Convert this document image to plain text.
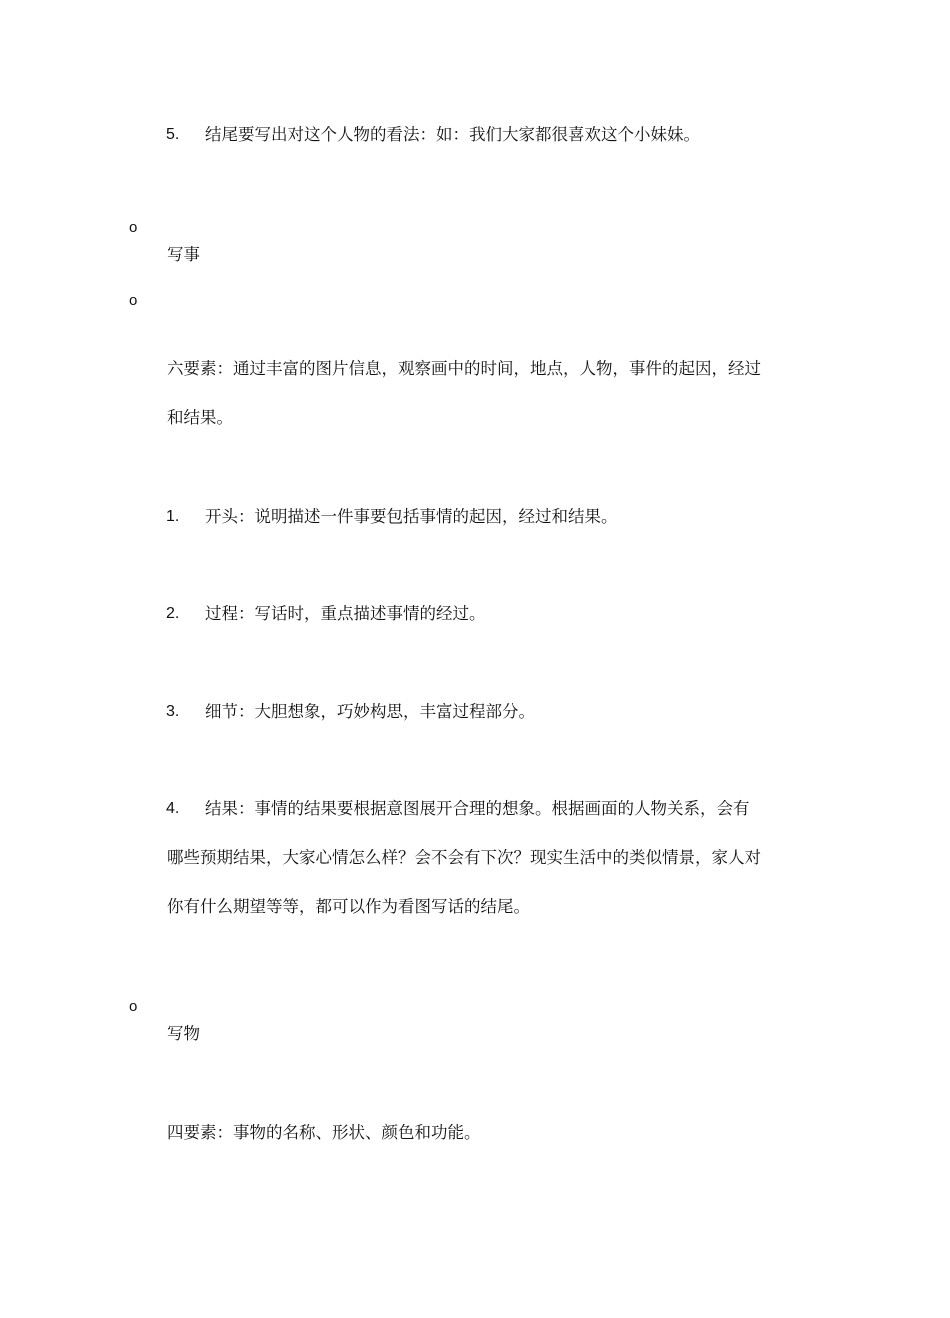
5. 结尾要写出对这个人物的看法：如：我们大家都很喜欢这个小妹妹。
o
写事
o
六要素：通过丰富的图片信息，观察画中的时间，地点，人物，事件的起因，经过
和结果。
1. 开头：说明描述一件事要包括事情的起因，经过和结果。
2. 过程：写话时，重点描述事情的经过。
3. 细节：大胆想象，巧妙构思，丰富过程部分。
4. 结果：事情的结果要根据意图展开合理的想象。根据画面的人物关系，会有
哪些预期结果，大家心情怎么样？会不会有下次？现实生活中的类似情景，家人对
你有什么期望等等，都可以作为看图写话的结尾。
o
写物
四要素：事物的名称、形状、颜色和功能。
